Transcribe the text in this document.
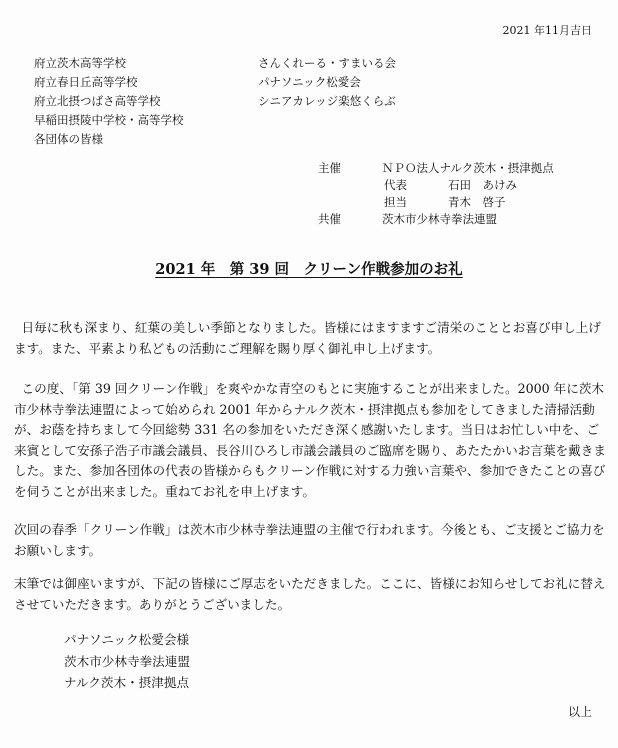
2021 年11月吉日
府立茨木高等学校
府立春日丘高等学校
府立北摂つばさ高等学校
早稲田摂陵中学校・高等学校
各団体の皆様
さんくれーる・すまいる会
パナソニック松愛会
シニアカレッジ楽悠くらぶ
主催	ＮＰＯ法人ナルク茨木・摂津拠点
代表	石田　あけみ
担当	青木　啓子
共催	茨木市少林寺拳法連盟
2021 年　第 39 回　クリーン作戦参加のお礼

日毎に秋も深まり、紅葉の美しい季節となりました。皆様にはますますご清栄のこととお喜び申し上げます。また、平素より私どもの活動にご理解を賜り厚く御礼申し上げます。

この度、「第 39 回クリーン作戦」を爽やかな青空のもとに実施することが出来ました。2000 年に茨木市少林寺拳法連盟によって始められ 2001 年からナルク茨木・摂津拠点も参加をしてきました清掃活動が、お蔭を持ちまして今回総勢 331 名の参加をいただき深く感謝いたします。当日はお忙しい中を、ご来賓として安孫子浩子市議会議員、長谷川ひろし市議会議員のご臨席を賜り、あたたかいお言葉を戴きました。また、参加各団体の代表の皆様からもクリーン作戦に対する力強い言葉や、参加できたことの喜びを伺うことが出来ました。重ねてお礼を申上げます。

次回の春季「クリーン作戦」は茨木市少林寺拳法連盟の主催で行われます。今後とも、ご支援とご協力をお願いします。

末筆では御座いますが、下記の皆様にご厚志をいただきました。ここに、皆様にお知らせしてお礼に替えさせていただきます。ありがとうございました。

パナソニック松愛会様
茨木市少林寺拳法連盟
ナルク茨木・摂津拠点
以上
